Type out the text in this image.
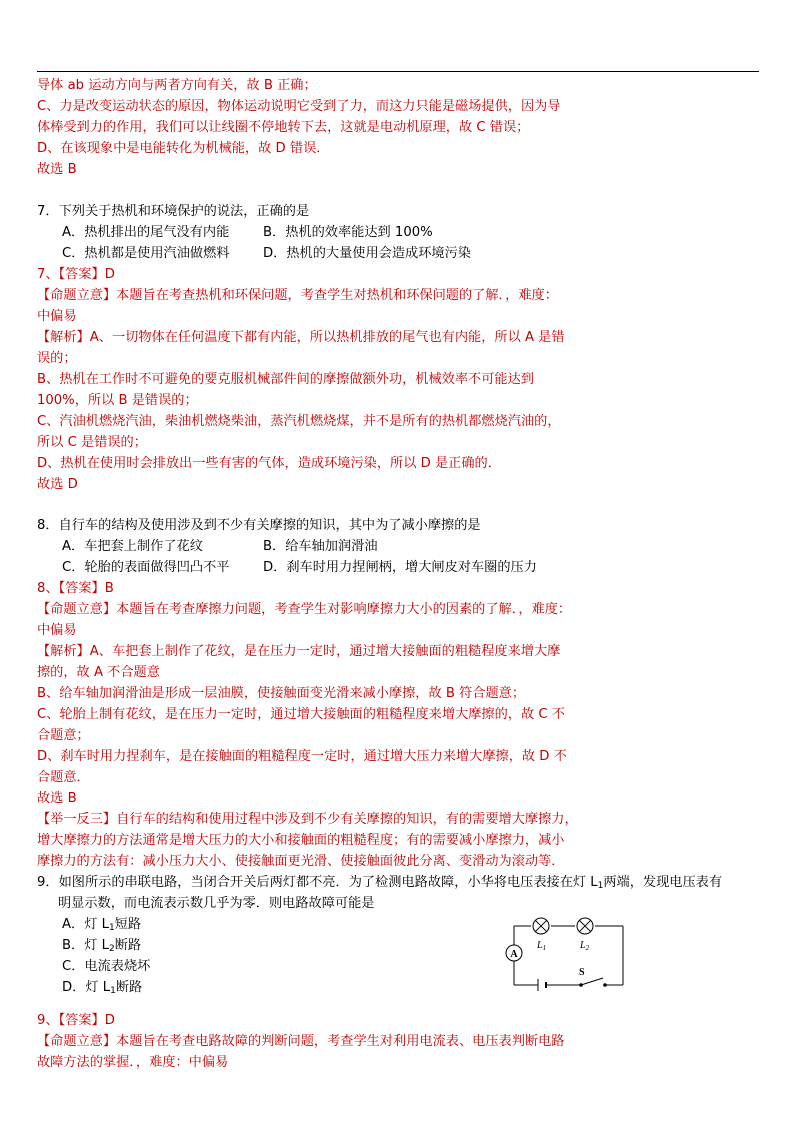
导体 ab 运动方向与两者方向有关，故 B 正确；
C、力是改变运动状态的原因，物体运动说明它受到了力，而这力只能是磁场提供，因为导
体棒受到力的作用，我们可以让线圈不停地转下去，这就是电动机原理，故 C 错误；
D、在该现象中是电能转化为机械能，故 D 错误．
故选 B
7．下列关于热机和环境保护的说法，正确的是
A．热机排出的尾气没有内能	B．热机的效率能达到 100%
C．热机都是使用汽油做燃料	D．热机的大量使用会造成环境污染
7、【答案】D
【命题立意】本题旨在考查热机和环保问题，考查学生对热机和环保问题的了解．，难度：
中偏易
【解析】A、一切物体在任何温度下都有内能，所以热机排放的尾气也有内能，所以 A 是错
误的；
B、热机在工作时不可避免的要克服机械部件间的摩擦做额外功，机械效率不可能达到
100%，所以 B 是错误的；
C、汽油机燃烧汽油，柴油机燃烧柴油，蒸汽机燃烧煤，并不是所有的热机都燃烧汽油的，
所以 C 是错误的；
D、热机在使用时会排放出一些有害的气体，造成环境污染，所以 D 是正确的．
故选 D
8．自行车的结构及使用涉及到不少有关摩擦的知识，其中为了减小摩擦的是
A．车把套上制作了花纹	B．给车轴加润滑油
C．轮胎的表面做得凹凸不平	D．刹车时用力捏闸柄，增大闸皮对车圈的压力
8、【答案】B
【命题立意】本题旨在考查摩擦力问题，考查学生对影响摩擦力大小的因素的了解．，难度：
中偏易
【解析】A、车把套上制作了花纹，是在压力一定时，通过增大接触面的粗糙程度来增大摩
擦的，故 A 不合题意
B、给车轴加润滑油是形成一层油膜，使接触面变光滑来减小摩擦，故 B 符合题意；
C、轮胎上制有花纹，是在压力一定时，通过增大接触面的粗糙程度来增大摩擦的，故 C 不
合题意；
D、刹车时用力捏刹车，是在接触面的粗糙程度一定时，通过增大压力来增大摩擦，故 D 不
合题意．
故选 B
【举一反三】自行车的结构和使用过程中涉及到不少有关摩擦的知识，有的需要增大摩擦力，
增大摩擦力的方法通常是增大压力的大小和接触面的粗糙程度；有的需要减小摩擦力，减小
摩擦力的方法有：减小压力大小、使接触面更光滑、使接触面彼此分离、变滑动为滚动等．
9．如图所示的串联电路，当闭合开关后两灯都不亮．为了检测电路故障，小华将电压表接在灯 $L_1$两端，发现电压表有
明显示数，而电流表示数几乎为零．则电路故障可能是
A．灯 $L_1$短路
B．灯 $L_2$断路
C．电流表烧坏
D．灯 $L_1$断路
A
$L_1$	$L_2$
S
9、【答案】D
【命题立意】本题旨在考查电路故障的判断问题，考查学生对利用电流表、电压表判断电路
故障方法的掌握．，难度：中偏易
